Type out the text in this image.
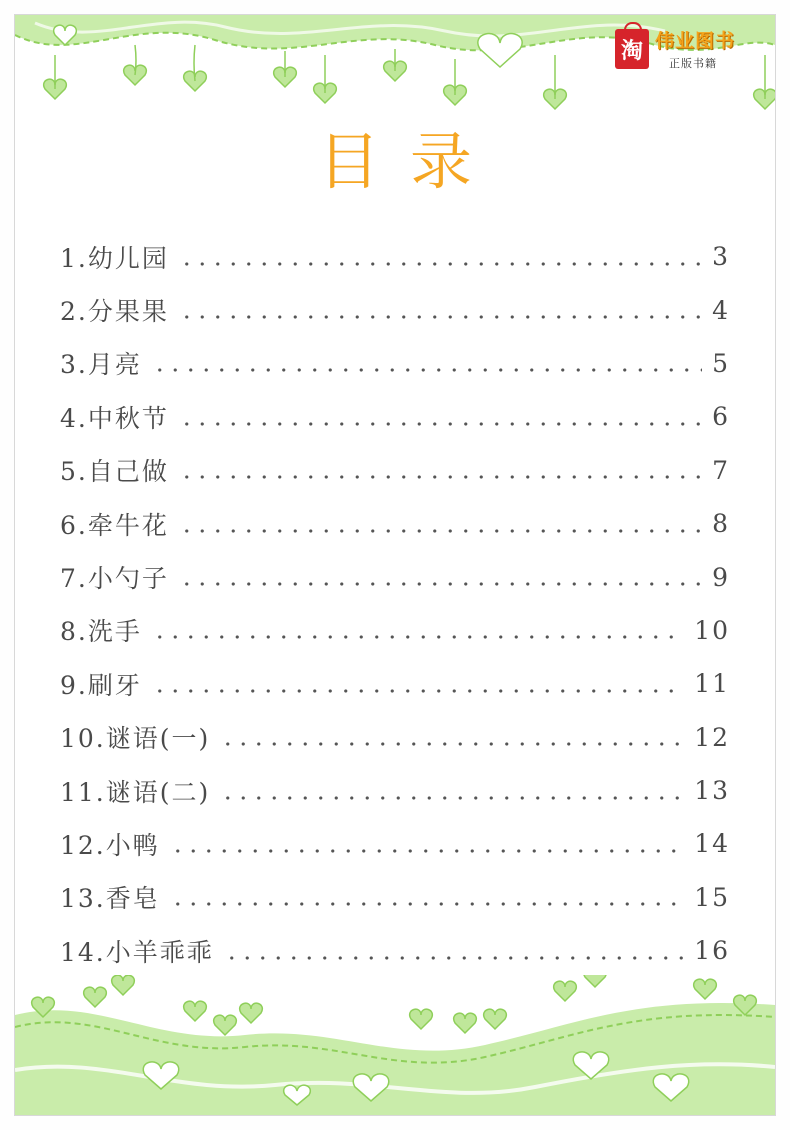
淘 伟业图书
正版书籍
目录
1.幼儿园	3
2.分果果	4
3.月亮	5
4.中秋节	6
5.自己做	7
6.牵牛花	8
7.小勺子	9
8.洗手	10
9.刷牙	11
10.谜语(一)	12
11.谜语(二)	13
12.小鸭	14
13.香皂	15
14.小羊乖乖	16
